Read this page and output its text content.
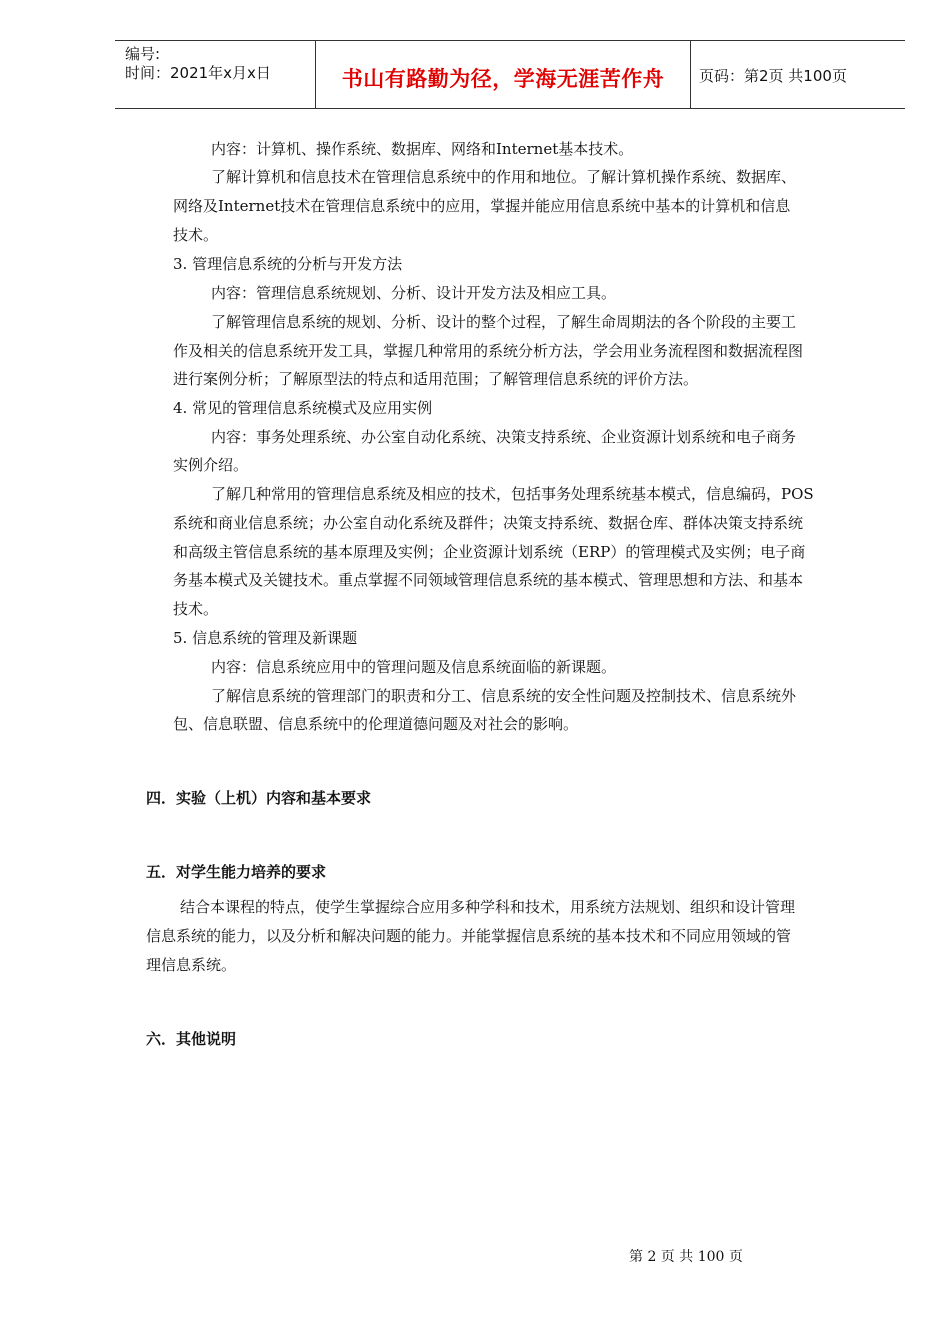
编号:
时间：2021年x月x日	书山有路勤为径，学海无涯苦作舟	页码：第2页 共100页
内容：计算机、操作系统、数据库、网络和Internet基本技术。
了解计算机和信息技术在管理信息系统中的作用和地位。了解计算机操作系统、数据库、
网络及Internet技术在管理信息系统中的应用，掌握并能应用信息系统中基本的计算机和信息
技术。
3. 管理信息系统的分析与开发方法
内容：管理信息系统规划、分析、设计开发方法及相应工具。
了解管理信息系统的规划、分析、设计的整个过程，了解生命周期法的各个阶段的主要工
作及相关的信息系统开发工具，掌握几种常用的系统分析方法，学会用业务流程图和数据流程图
进行案例分析；了解原型法的特点和适用范围；了解管理信息系统的评价方法。
4. 常见的管理信息系统模式及应用实例
内容：事务处理系统、办公室自动化系统、决策支持系统、企业资源计划系统和电子商务
实例介绍。
了解几种常用的管理信息系统及相应的技术，包括事务处理系统基本模式，信息编码，POS
系统和商业信息系统；办公室自动化系统及群件；决策支持系统、数据仓库、群体决策支持系统
和高级主管信息系统的基本原理及实例；企业资源计划系统（ERP）的管理模式及实例；电子商
务基本模式及关键技术。重点掌握不同领域管理信息系统的基本模式、管理思想和方法、和基本
技术。
5. 信息系统的管理及新课题
内容：信息系统应用中的管理问题及信息系统面临的新课题。
了解信息系统的管理部门的职责和分工、信息系统的安全性问题及控制技术、信息系统外
包、信息联盟、信息系统中的伦理道德问题及对社会的影响。
四．实验（上机）内容和基本要求
五．对学生能力培养的要求
结合本课程的特点，使学生掌握综合应用多种学科和技术，用系统方法规划、组织和设计管理
信息系统的能力，以及分析和解决问题的能力。并能掌握信息系统的基本技术和不同应用领域的管
理信息系统。
六．其他说明
第 2 页 共 100 页
